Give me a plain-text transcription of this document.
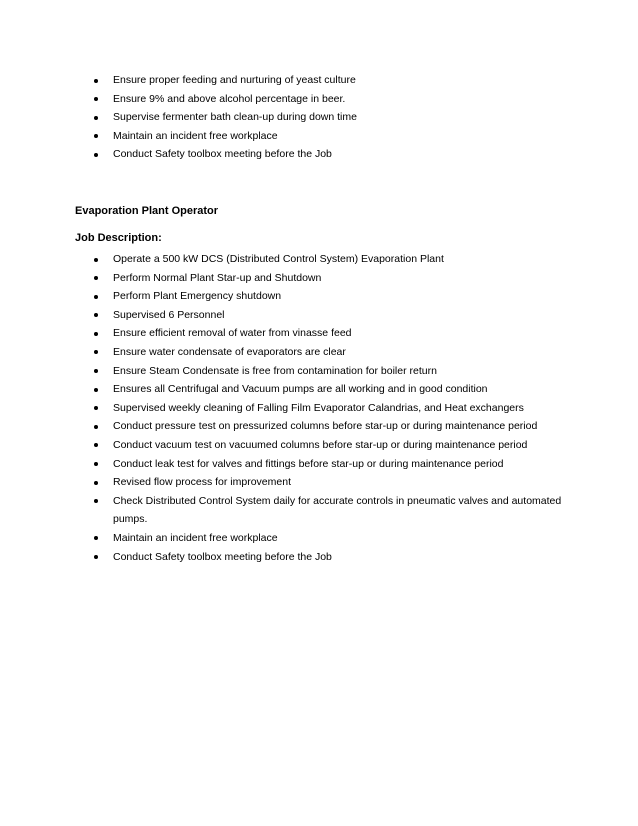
Ensure proper feeding and nurturing of yeast culture
Ensure 9% and above alcohol percentage in beer.
Supervise fermenter bath clean-up during down time
Maintain an incident free workplace
Conduct Safety toolbox meeting before the Job
Evaporation Plant Operator
Job Description:
Operate a 500 kW DCS (Distributed Control System) Evaporation Plant
Perform Normal Plant Star-up and Shutdown
Perform Plant Emergency shutdown
Supervised 6 Personnel
Ensure efficient removal of water from vinasse feed
Ensure water condensate of evaporators are clear
Ensure Steam Condensate is free from contamination for boiler return
Ensures all Centrifugal and Vacuum pumps are all working and in good condition
Supervised weekly cleaning of Falling Film Evaporator Calandrias, and Heat exchangers
Conduct pressure test on pressurized columns before star-up or during maintenance period
Conduct vacuum test on vacuumed columns before star-up or during maintenance period
Conduct leak test for valves and fittings before star-up or during maintenance period
Revised flow process for improvement
Check Distributed Control System daily for accurate controls in pneumatic valves and automated pumps.
Maintain an incident free workplace
Conduct Safety toolbox meeting before the Job
